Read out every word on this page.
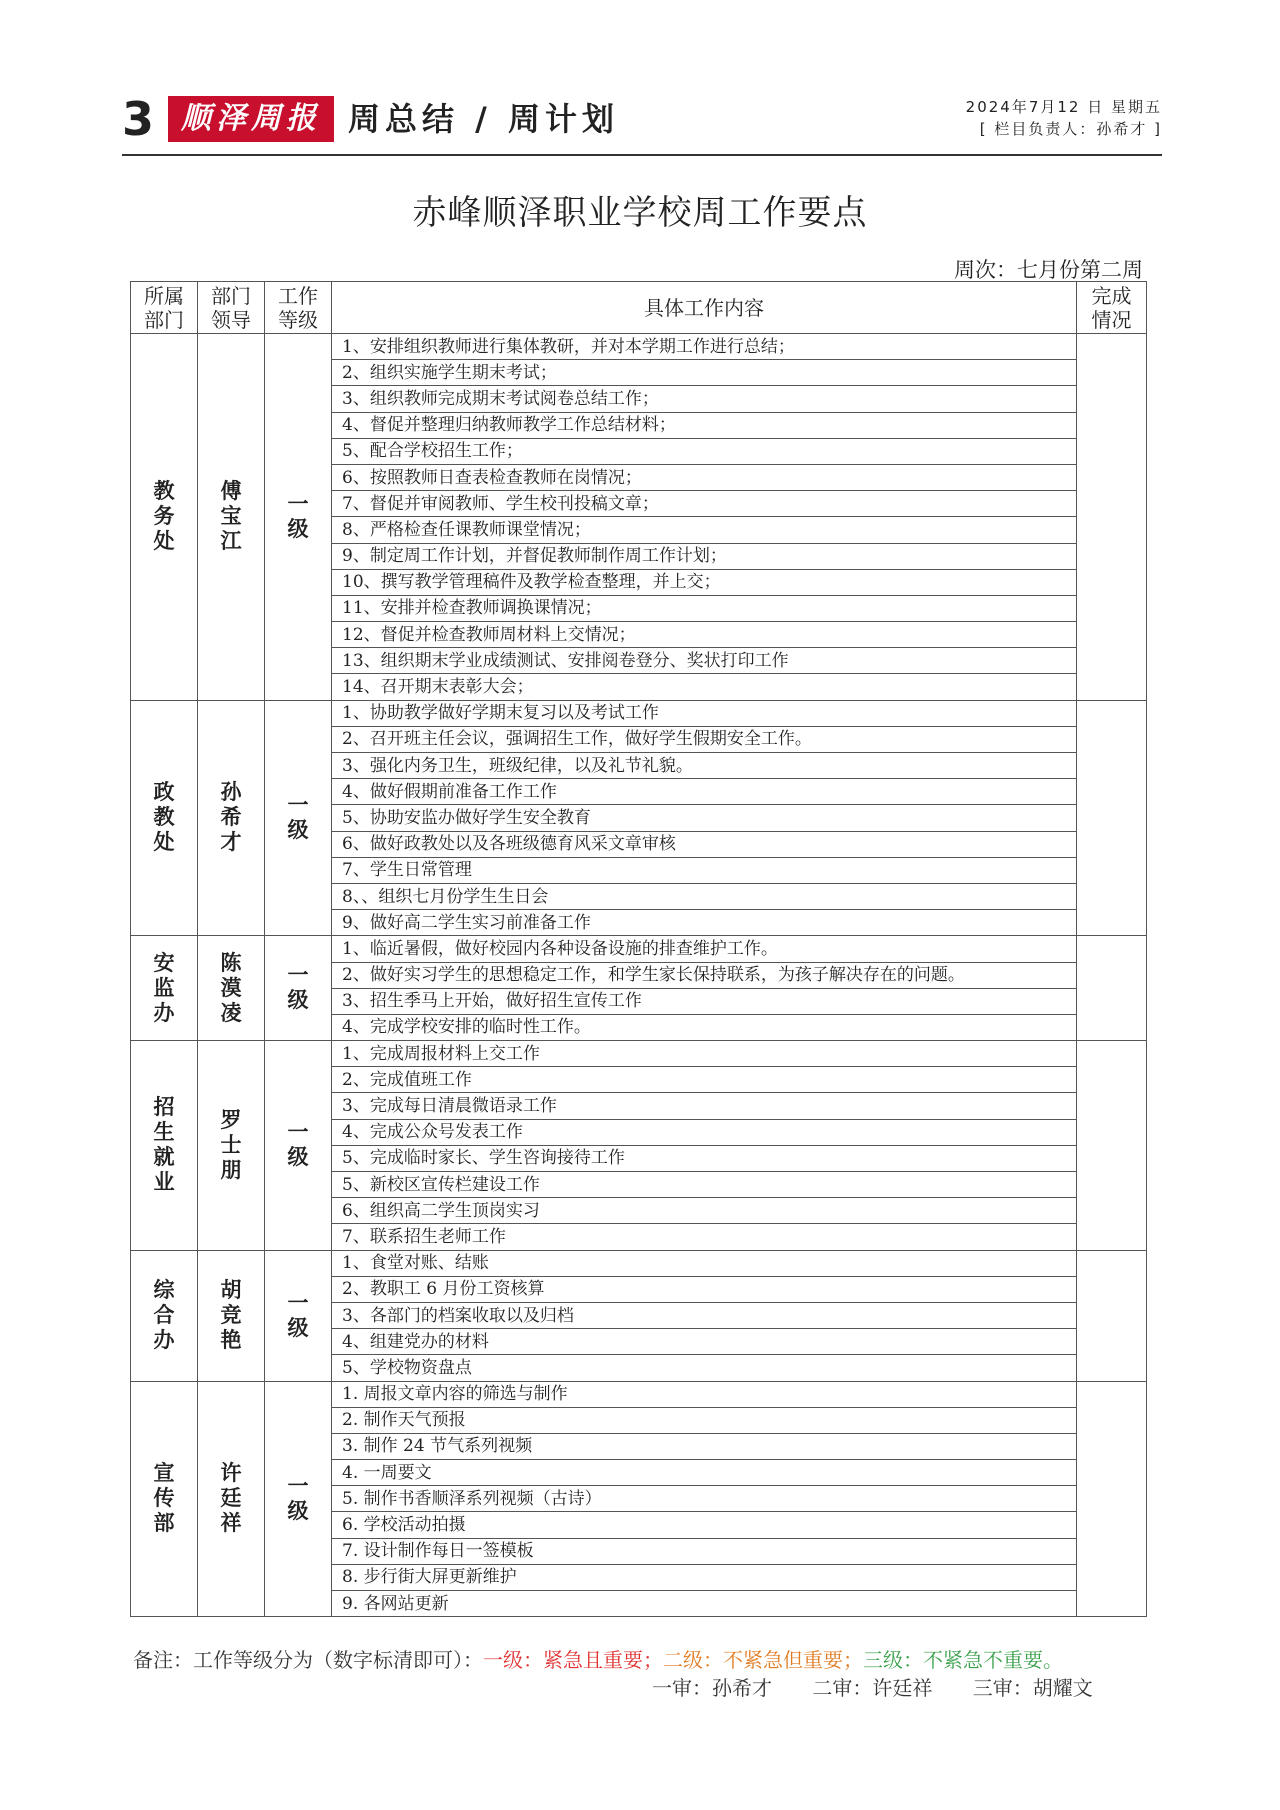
3 顺泽周报 周总结 / 周计划	2024年7月12 日 星期五
[ 栏目负责人：孙希才 ]
赤峰顺泽职业学校周工作要点
周次：七月份第二周
所属部门	部门领导	工作等级	具体工作内容	完成情况
教务处	傅宝江	一级	1、安排组织教师进行集体教研，并对本学期工作进行总结；	
			2、组织实施学生期末考试；	
			3、组织教师完成期末考试阅卷总结工作；	
			4、督促并整理归纳教师教学工作总结材料；	
			5、配合学校招生工作；	
			6、按照教师日查表检查教师在岗情况；	
			7、督促并审阅教师、学生校刊投稿文章；	
			8、严格检查任课教师课堂情况；	
			9、制定周工作计划，并督促教师制作周工作计划；	
			10、撰写教学管理稿件及教学检查整理，并上交；	
			11、安排并检查教师调换课情况；	
			12、督促并检查教师周材料上交情况；	
			13、组织期末学业成绩测试、安排阅卷登分、奖状打印工作	
			14、召开期末表彰大会；	
政教处	孙希才	一级	1、协助教学做好学期末复习以及考试工作	
			2、召开班主任会议，强调招生工作，做好学生假期安全工作。	
			3、强化内务卫生，班级纪律，以及礼节礼貌。	
			4、做好假期前准备工作工作	
			5、协助安监办做好学生安全教育	
			6、做好政教处以及各班级德育风采文章审核	
			7、学生日常管理	
			8、、组织七月份学生生日会	
			9、做好高二学生实习前准备工作	
安监办	陈漠凌	一级	1、临近暑假，做好校园内各种设备设施的排查维护工作。	
			2、做好实习学生的思想稳定工作，和学生家长保持联系，为孩子解决存在的问题。	
			3、招生季马上开始，做好招生宣传工作	
			4、完成学校安排的临时性工作。	
招生就业	罗士朋	一级	1、完成周报材料上交工作	
			2、完成值班工作	
			3、完成每日清晨微语录工作	
			4、完成公众号发表工作	
			5、完成临时家长、学生咨询接待工作	
			5、新校区宣传栏建设工作	
			6、组织高二学生顶岗实习	
			7、联系招生老师工作	
综合办	胡竞艳	一级	1、食堂对账、结账	
			2、教职工 6 月份工资核算	
			3、各部门的档案收取以及归档	
			4、组建党办的材料	
			5、学校物资盘点	
宣传部	许廷祥	一级	1. 周报文章内容的筛选与制作	
			2. 制作天气预报	
			3. 制作 24 节气系列视频	
			4. 一周要文	
			5. 制作书香顺泽系列视频（古诗）	
			6. 学校活动拍摄	
			7. 设计制作每日一签模板	
			8. 步行街大屏更新维护	
			9. 各网站更新	
备注：工作等级分为（数字标清即可）：一级：紧急且重要；二级：不紧急但重要；三级：不紧急不重要。
一审：孙希才 二审：许廷祥 三审：胡耀文
